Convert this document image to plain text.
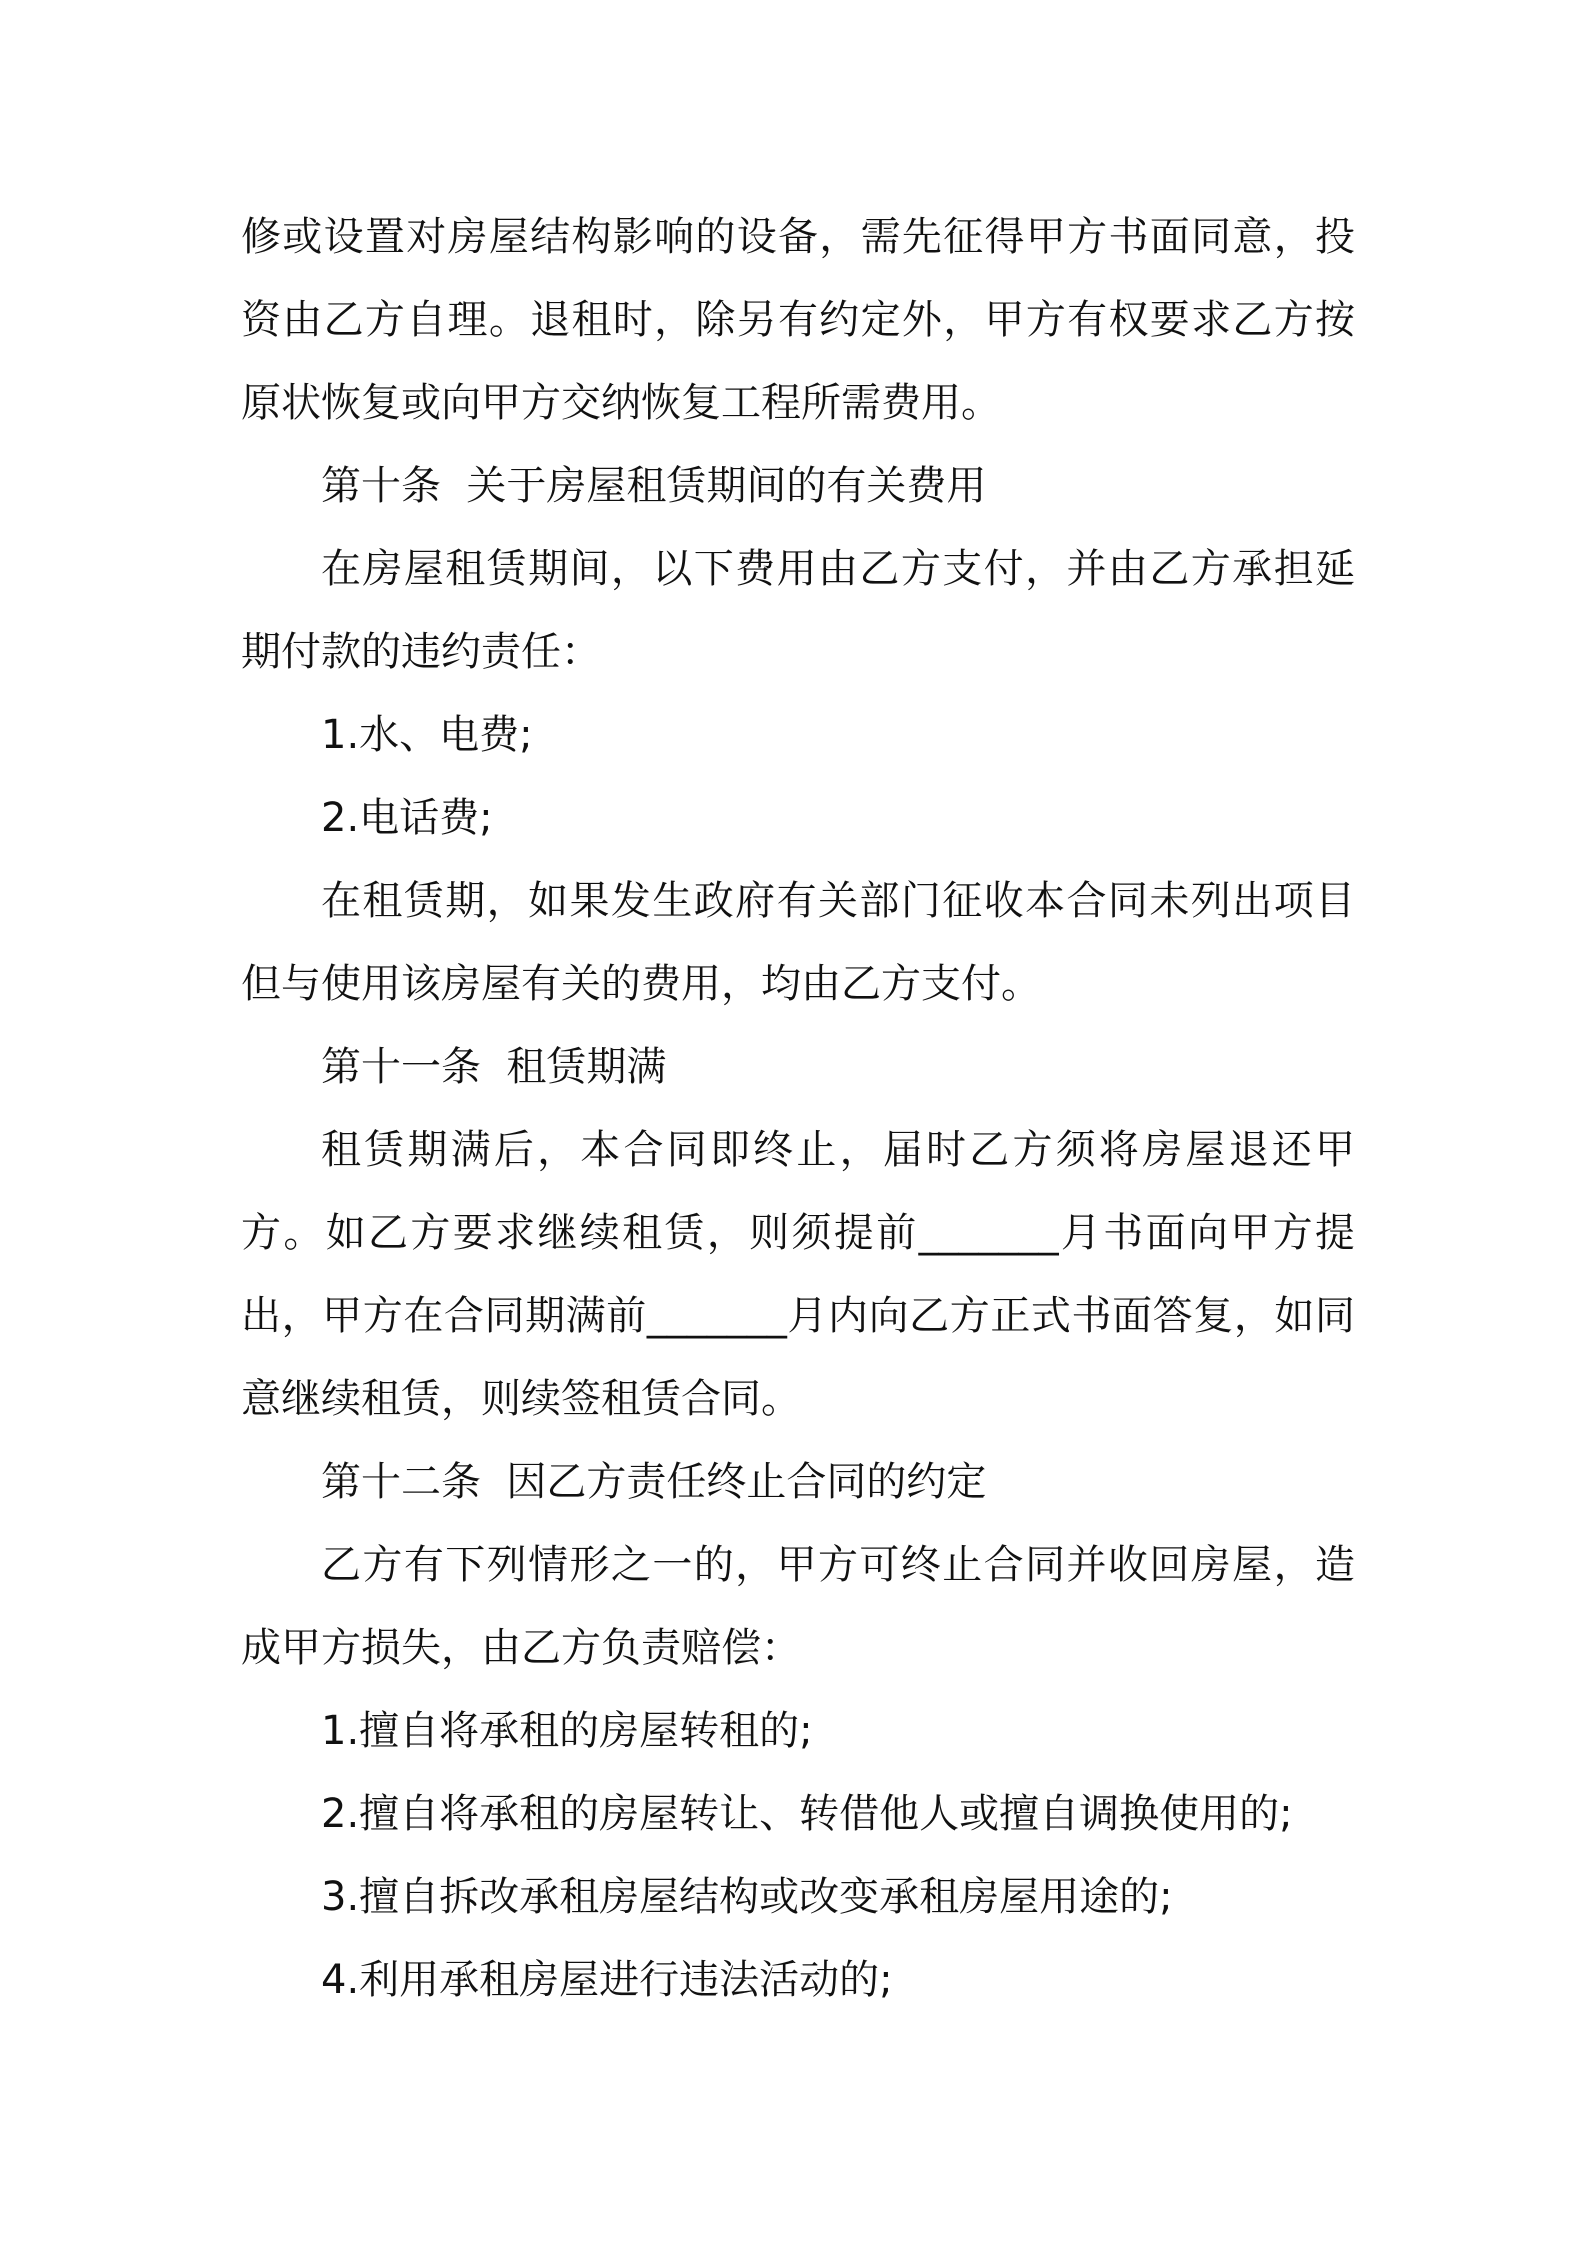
修或设置对房屋结构影响的设备，需先征得甲方书面同意，投资由乙方自理。退租时，除另有约定外，甲方有权要求乙方按原状恢复或向甲方交纳恢复工程所需费用。

第十条  关于房屋租赁期间的有关费用

在房屋租赁期间，以下费用由乙方支付，并由乙方承担延期付款的违约责任：

1.水、电费;

2.电话费;

在租赁期，如果发生政府有关部门征收本合同未列出项目但与使用该房屋有关的费用，均由乙方支付。

第十一条  租赁期满

租赁期满后，本合同即终止，届时乙方须将房屋退还甲方。如乙方要求继续租赁，则须提前_______月书面向甲方提出，甲方在合同期满前_______月内向乙方正式书面答复，如同意继续租赁，则续签租赁合同。

第十二条  因乙方责任终止合同的约定

乙方有下列情形之一的，甲方可终止合同并收回房屋，造成甲方损失，由乙方负责赔偿：

1.擅自将承租的房屋转租的;

2.擅自将承租的房屋转让、转借他人或擅自调换使用的;

3.擅自拆改承租房屋结构或改变承租房屋用途的;

4.利用承租房屋进行违法活动的;
